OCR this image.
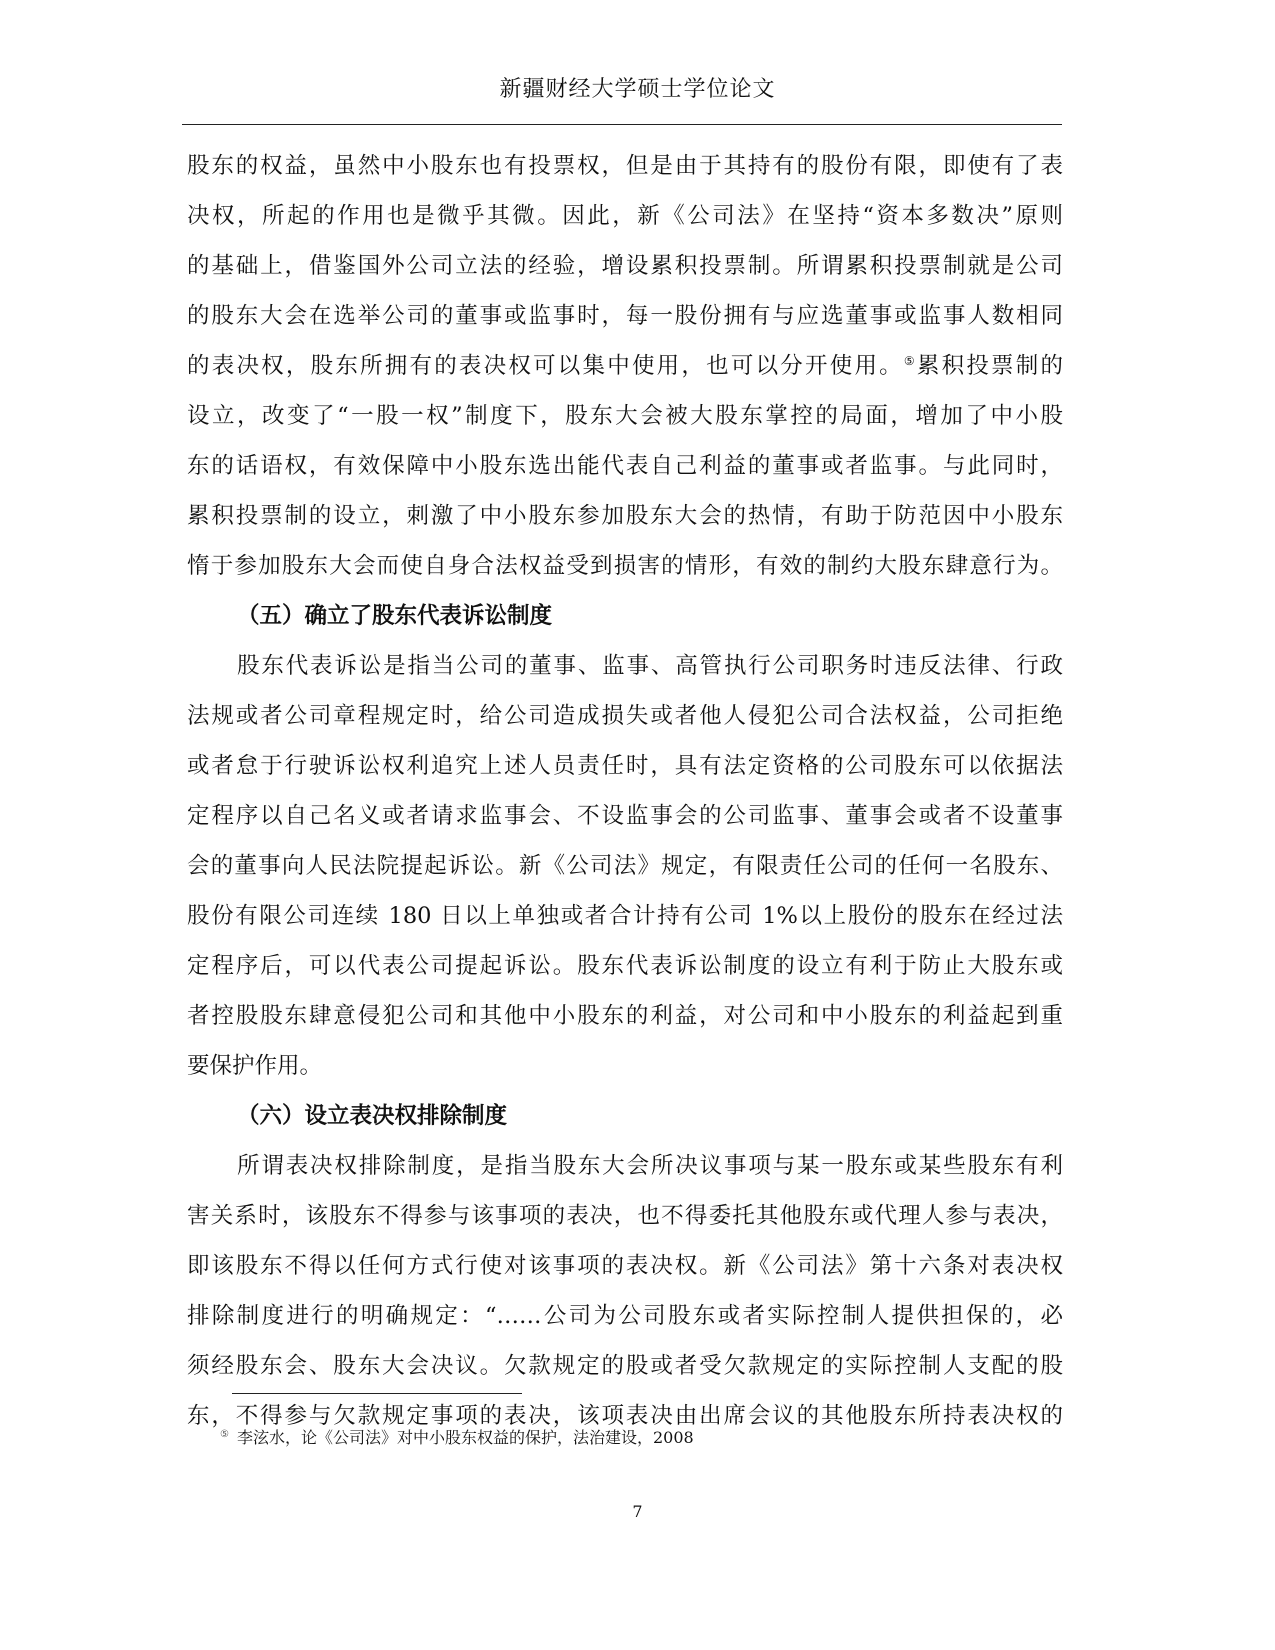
新疆财经大学硕士学位论文
股东的权益，虽然中小股东也有投票权，但是由于其持有的股份有限，即使有了表
决权，所起的作用也是微乎其微。因此，新《公司法》在坚持“资本多数决”原则
的基础上，借鉴国外公司立法的经验，增设累积投票制。所谓累积投票制就是公司
的股东大会在选举公司的董事或监事时，每一股份拥有与应选董事或监事人数相同
的表决权，股东所拥有的表决权可以集中使用，也可以分开使用。⑤累积投票制的
设立，改变了“一股一权”制度下，股东大会被大股东掌控的局面，增加了中小股
东的话语权，有效保障中小股东选出能代表自己利益的董事或者监事。与此同时，
累积投票制的设立，刺激了中小股东参加股东大会的热情，有助于防范因中小股东
惰于参加股东大会而使自身合法权益受到损害的情形，有效的制约大股东肆意行为。
（五）确立了股东代表诉讼制度
股东代表诉讼是指当公司的董事、监事、高管执行公司职务时违反法律、行政
法规或者公司章程规定时，给公司造成损失或者他人侵犯公司合法权益，公司拒绝
或者怠于行驶诉讼权利追究上述人员责任时，具有法定资格的公司股东可以依据法
定程序以自己名义或者请求监事会、不设监事会的公司监事、董事会或者不设董事
会的董事向人民法院提起诉讼。新《公司法》规定，有限责任公司的任何一名股东、
股份有限公司连续 180 日以上单独或者合计持有公司 1%以上股份的股东在经过法
定程序后，可以代表公司提起诉讼。股东代表诉讼制度的设立有利于防止大股东或
者控股股东肆意侵犯公司和其他中小股东的利益，对公司和中小股东的利益起到重
要保护作用。
（六）设立表决权排除制度
所谓表决权排除制度，是指当股东大会所决议事项与某一股东或某些股东有利
害关系时，该股东不得参与该事项的表决，也不得委托其他股东或代理人参与表决，
即该股东不得以任何方式行使对该事项的表决权。新《公司法》第十六条对表决权
排除制度进行的明确规定：“……公司为公司股东或者实际控制人提供担保的，必
须经股东会、股东大会决议。欠款规定的股或者受欠款规定的实际控制人支配的股
东，不得参与欠款规定事项的表决，该项表决由出席会议的其他股东所持表决权的
⑤ 李泫水，论《公司法》对中小股东权益的保护，法治建设，2008
7
